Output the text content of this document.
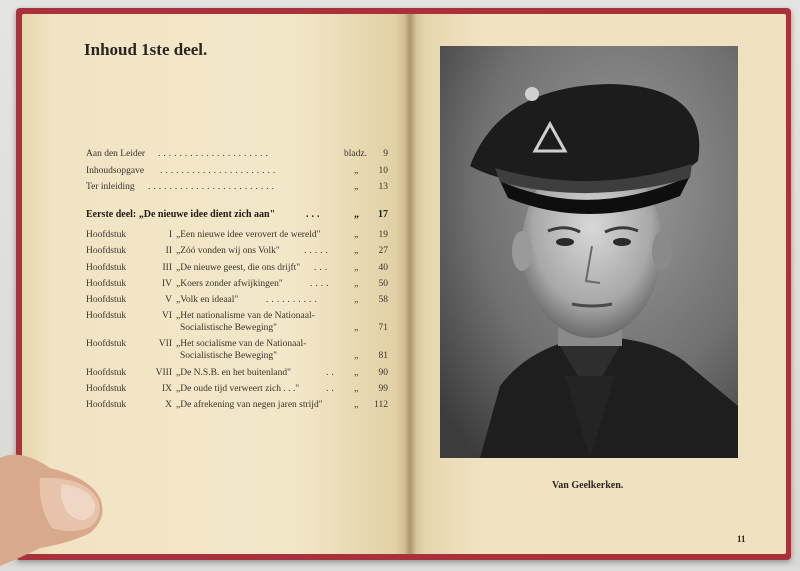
Inhoud 1ste deel.
Aan den Leider .....................	bladz.	9
Inhoudsopgave ......................	„	10
Ter inleiding ........................	„	13
Eerste deel: „De nieuwe idee dient zich aan"	...	„	17
Hoofdstuk	I „Een nieuwe idee verovert de wereld"	„	19
Hoofdstuk	II „Zóó vonden wij ons Volk"	..... „	27
Hoofdstuk	III „De nieuwe geest, die ons drijft" ...	„	40
Hoofdstuk	IV „Koers zonder afwijkingen"	.... „	50
Hoofdstuk	V „Volk en ideaal"	..........	„	58
Hoofdstuk	VI „Het nationalisme van de Nationaal-
Socialistische Beweging"	„	71
Hoofdstuk	VII „Het socialisme van de Nationaal-
Socialistische Beweging"	„	81
Hoofdstuk	VIII „De N.S.B. en het buitenland"	.. „	90
Hoofdstuk	IX „De oude tijd verweert zich . . ."	.. „	99
Hoofdstuk	X „De afrekening van negen jaren strijd"	„	112
Van Geelkerken.
11
